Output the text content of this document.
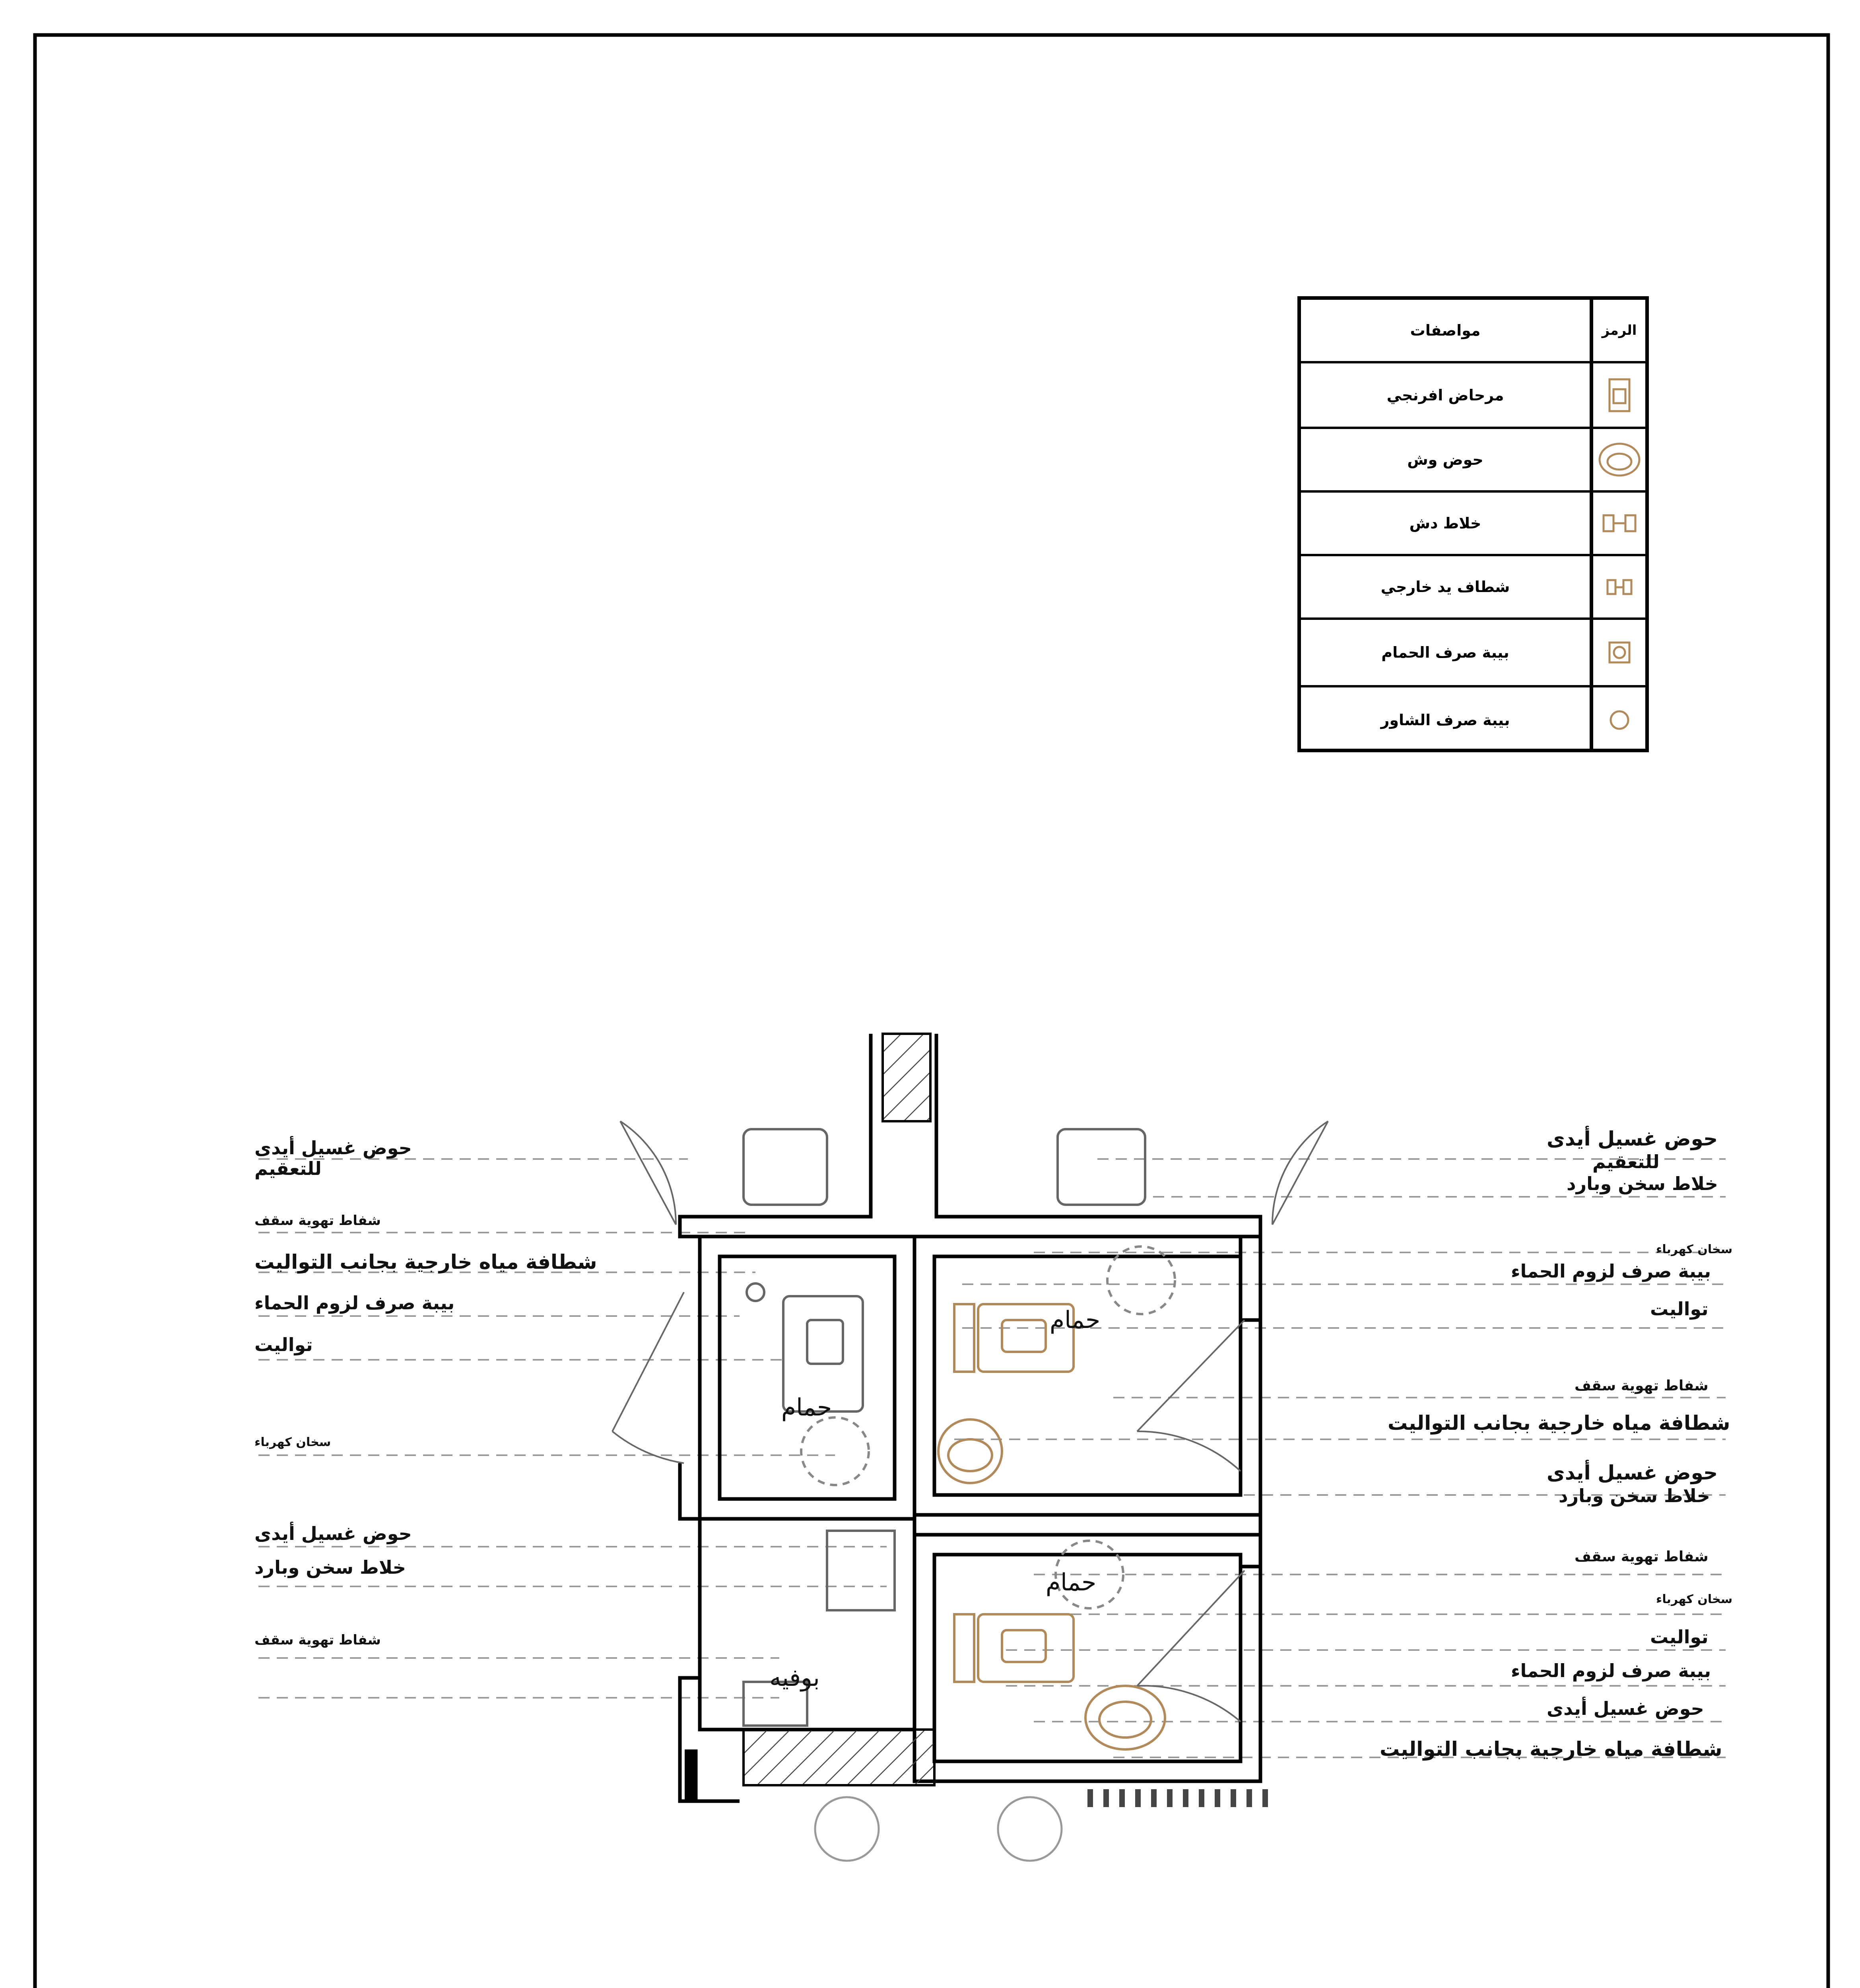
مواصفات	الرمز
مرحاض افرنجي
حوض وش
خلاط دش
شطاف يد خارجي
بيبة صرف الحمام
بيبة صرف الشاور
حمام
حمام
حمام
بوفيه
حوض غسيل أيدى
للتعقيم
شفاط تهوية سقف
شطافة مياه خارجية بجانب التواليت
بيبة صرف لزوم الحماء
تواليت
سخان كهرباء
حوض غسيل أيدى
خلاط سخن وبارد
شفاط تهوية سقف
حوض غسيل أيدى
للتعقيم
خلاط سخن وبارد
سخان كهرباء
بيبة صرف لزوم الحماء
تواليت
شفاط تهوية سقف
شطافة مياه خارجية بجانب التواليت
حوض غسيل أيدى
خلاط سخن وبارد
شفاط تهوية سقف
سخان كهرباء
تواليت
بيبة صرف لزوم الحماء
حوض غسيل أيدى
شطافة مياه خارجية بجانب التواليت
